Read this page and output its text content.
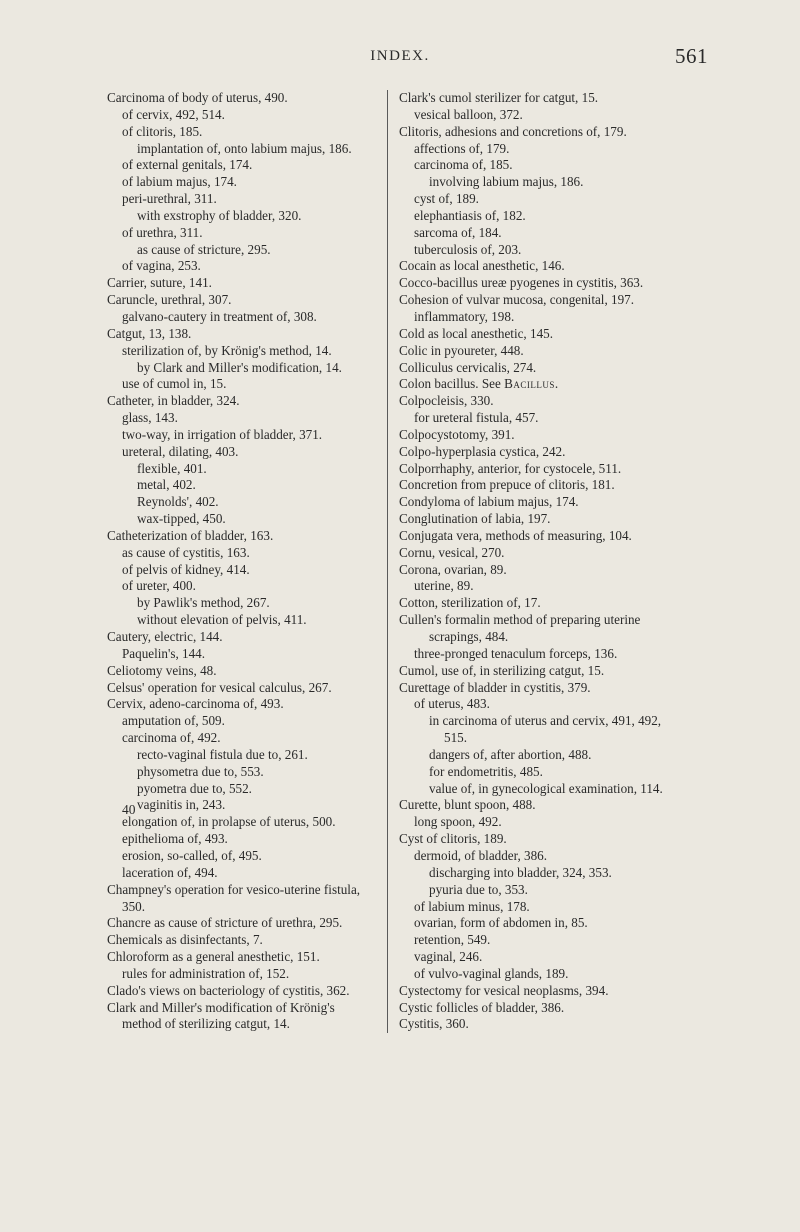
INDEX.	561
Carcinoma of body of uterus, 490.
of cervix, 492, 514.
of clitoris, 185.
implantation of, onto labium majus, 186.
of external genitals, 174.
of labium majus, 174.
peri-urethral, 311.
with exstrophy of bladder, 320.
of urethra, 311.
as cause of stricture, 295.
of vagina, 253.
Carrier, suture, 141.
Caruncle, urethral, 307.
galvano-cautery in treatment of, 308.
Catgut, 13, 138.
sterilization of, by Krönig's method, 14.
by Clark and Miller's modification, 14.
use of cumol in, 15.
Catheter, in bladder, 324.
glass, 143.
two-way, in irrigation of bladder, 371.
ureteral, dilating, 403.
flexible, 401.
metal, 402.
Reynolds', 402.
wax-tipped, 450.
Catheterization of bladder, 163.
as cause of cystitis, 163.
of pelvis of kidney, 414.
of ureter, 400.
by Pawlik's method, 267.
without elevation of pelvis, 411.
Cautery, electric, 144.
Paquelin's, 144.
Celiotomy veins, 48.
Celsus' operation for vesical calculus, 267.
Cervix, adeno-carcinoma of, 493.
amputation of, 509.
carcinoma of, 492.
recto-vaginal fistula due to, 261.
physometra due to, 553.
pyometra due to, 552.
vaginitis in, 243.
elongation of, in prolapse of uterus, 500.
epithelioma of, 493.
erosion, so-called, of, 495.
laceration of, 494.
Champney's operation for vesico-uterine fistula,
350.
Chancre as cause of stricture of urethra, 295.
Chemicals as disinfectants, 7.
Chloroform as a general anesthetic, 151.
rules for administration of, 152.
Clado's views on bacteriology of cystitis, 362.
Clark and Miller's modification of Krönig's
method of sterilizing catgut, 14.
Clark's cumol sterilizer for catgut, 15.
vesical balloon, 372.
Clitoris, adhesions and concretions of, 179.
affections of, 179.
carcinoma of, 185.
involving labium majus, 186.
cyst of, 189.
elephantiasis of, 182.
sarcoma of, 184.
tuberculosis of, 203.
Cocain as local anesthetic, 146.
Cocco-bacillus ureæ pyogenes in cystitis, 363.
Cohesion of vulvar mucosa, congenital, 197.
inflammatory, 198.
Cold as local anesthetic, 145.
Colic in pyoureter, 448.
Colliculus cervicalis, 274.
Colon bacillus. See Bacillus.
Colpocleisis, 330.
for ureteral fistula, 457.
Colpocystotomy, 391.
Colpo-hyperplasia cystica, 242.
Colporrhaphy, anterior, for cystocele, 511.
Concretion from prepuce of clitoris, 181.
Condyloma of labium majus, 174.
Conglutination of labia, 197.
Conjugata vera, methods of measuring, 104.
Cornu, vesical, 270.
Corona, ovarian, 89.
uterine, 89.
Cotton, sterilization of, 17.
Cullen's formalin method of preparing uterine
scrapings, 484.
three-pronged tenaculum forceps, 136.
Cumol, use of, in sterilizing catgut, 15.
Curettage of bladder in cystitis, 379.
of uterus, 483.
in carcinoma of uterus and cervix, 491, 492,
515.
dangers of, after abortion, 488.
for endometritis, 485.
value of, in gynecological examination, 114.
Curette, blunt spoon, 488.
long spoon, 492.
Cyst of clitoris, 189.
dermoid, of bladder, 386.
discharging into bladder, 324, 353.
pyuria due to, 353.
of labium minus, 178.
ovarian, form of abdomen in, 85.
retention, 549.
vaginal, 246.
of vulvo-vaginal glands, 189.
Cystectomy for vesical neoplasms, 394.
Cystic follicles of bladder, 386.
Cystitis, 360.
40
